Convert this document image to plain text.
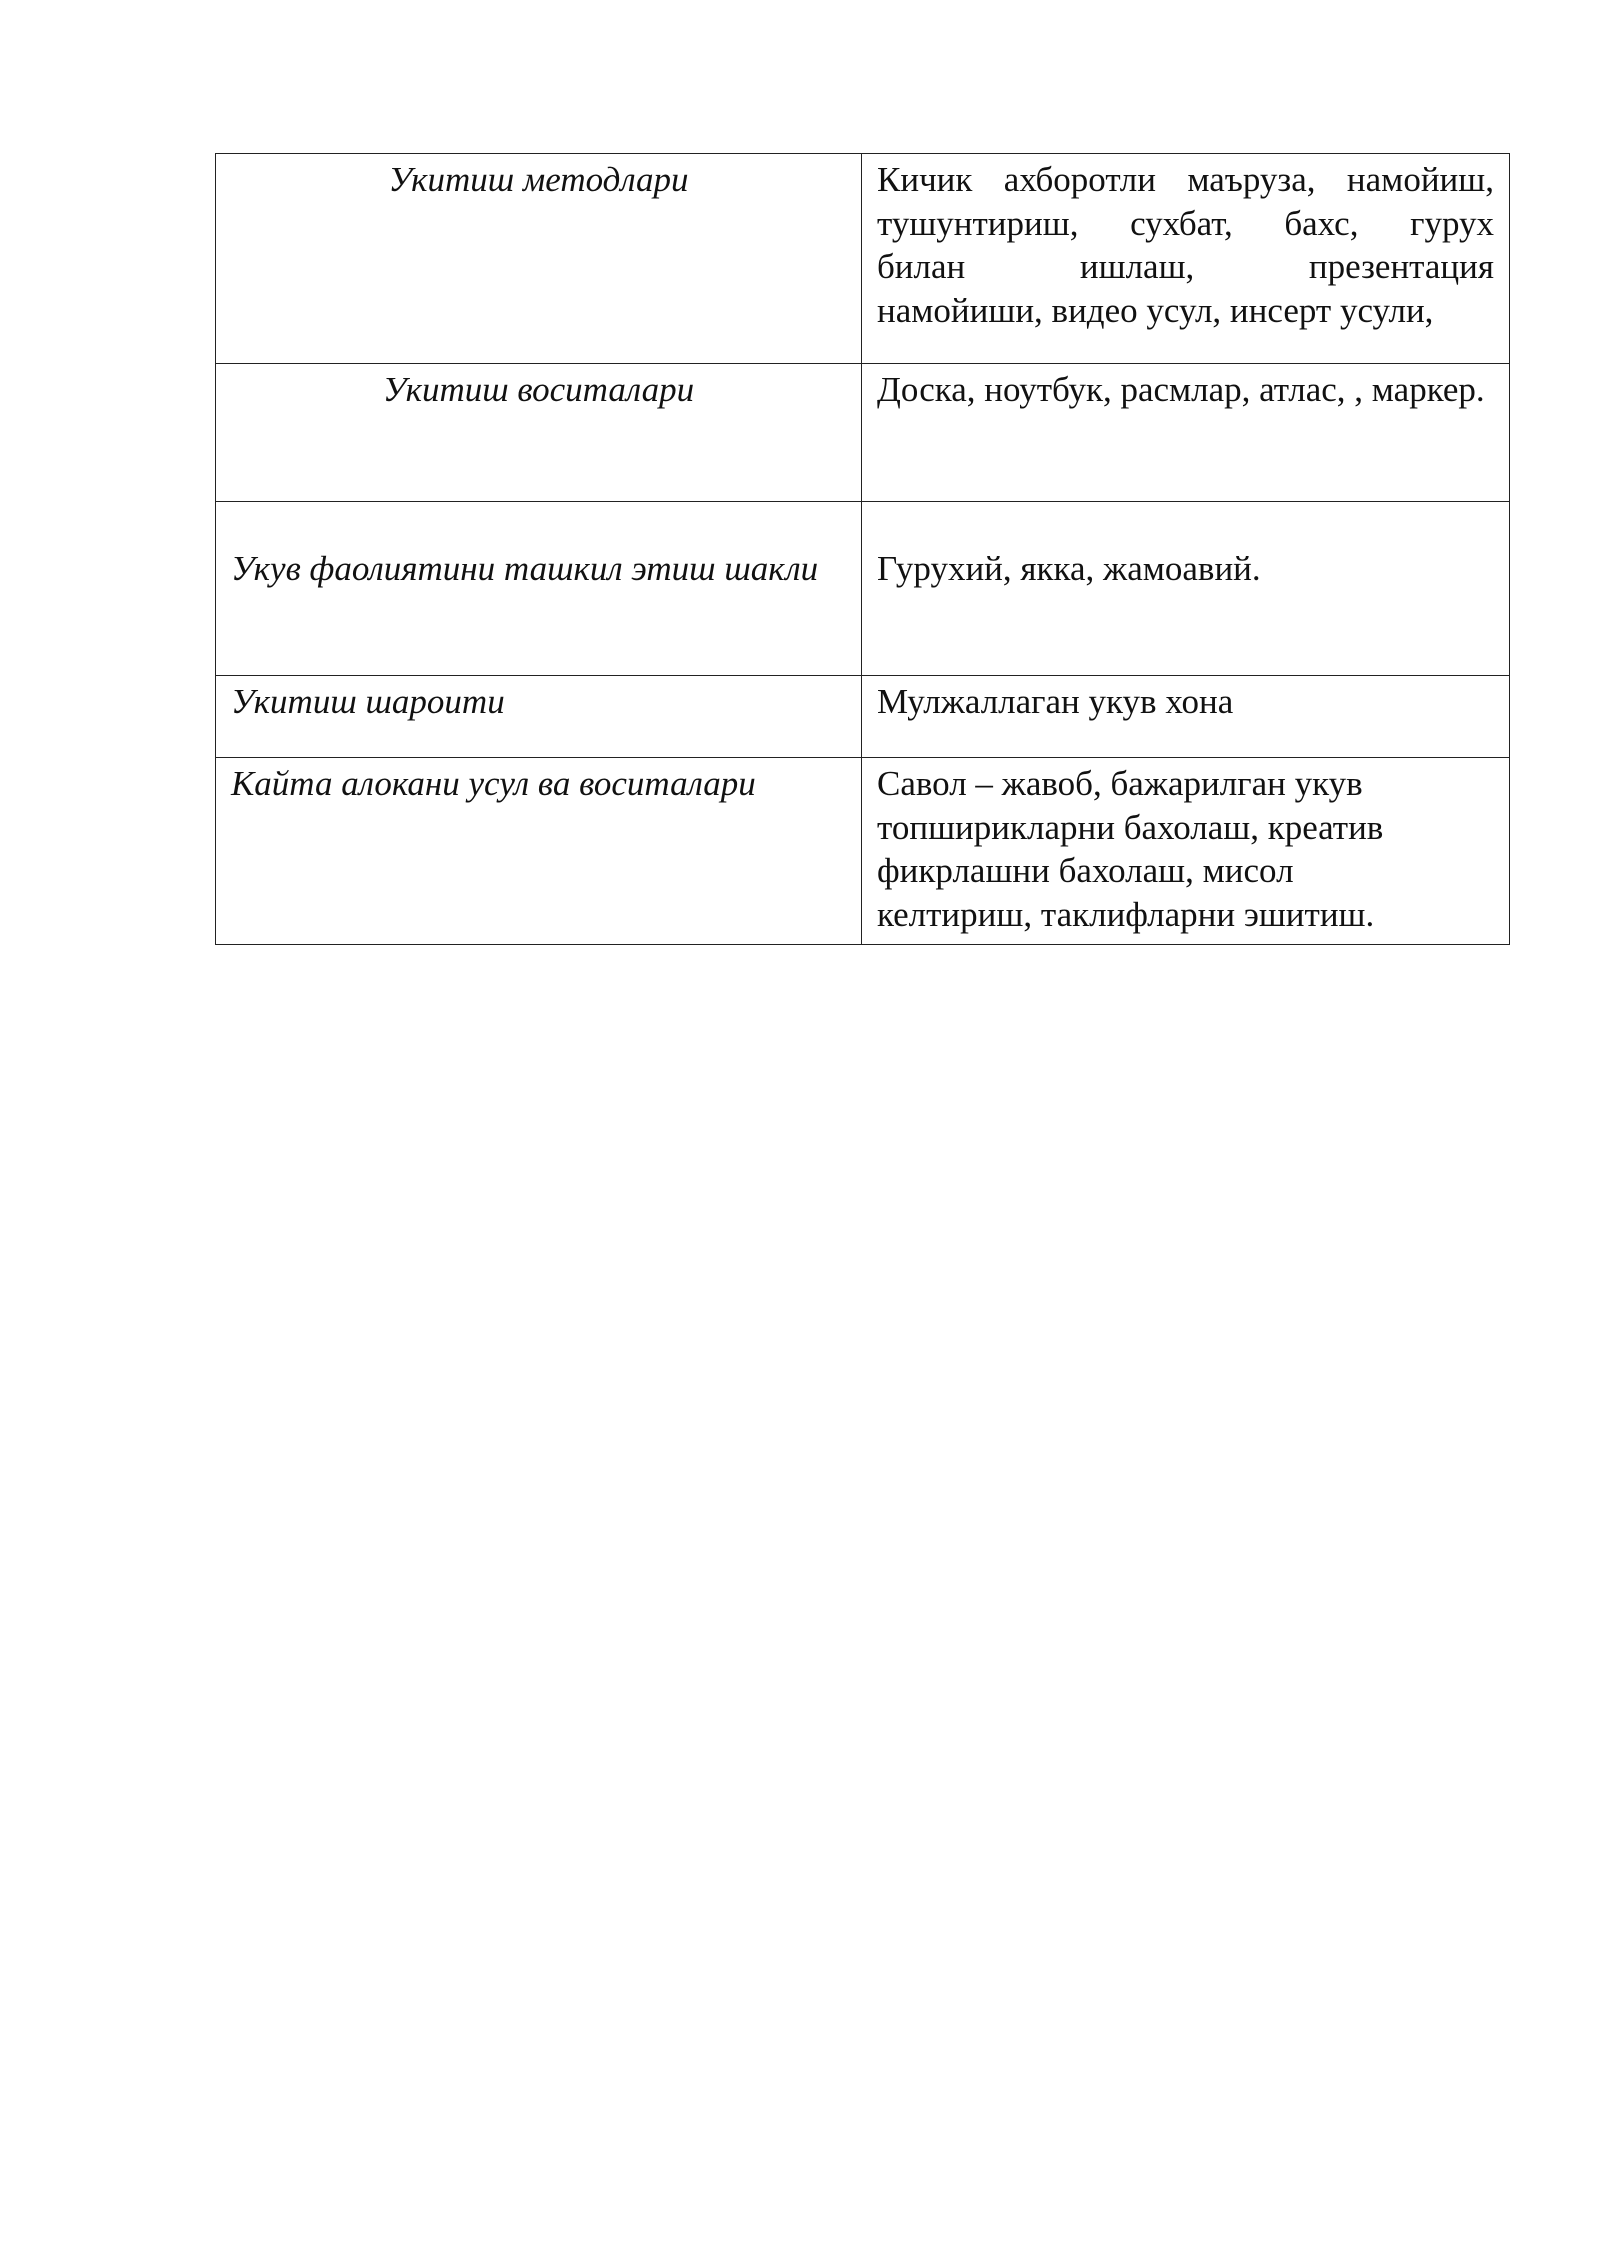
Укитиш методлари	Кичик ахборотли маъруза, намойиш,
тушунтириш, сухбат, бахс, гурух
билан ишлаш, презентация
намойиши, видео усул, инсерт усули,

Укитиш воситалари	Доска, ноутбук, расмлар, атлас, , маркер.

Укув фаолиятини ташкил этиш шакли	Гурухий, якка, жамоавий.

Укитиш шароити	Мулжаллаган укув хона

Кайта алокани усул ва воситалари	Савол – жавоб, бажарилган укув
топширикларни бахолаш, креатив
фикрлашни бахолаш, мисол
келтириш, таклифларни эшитиш.
